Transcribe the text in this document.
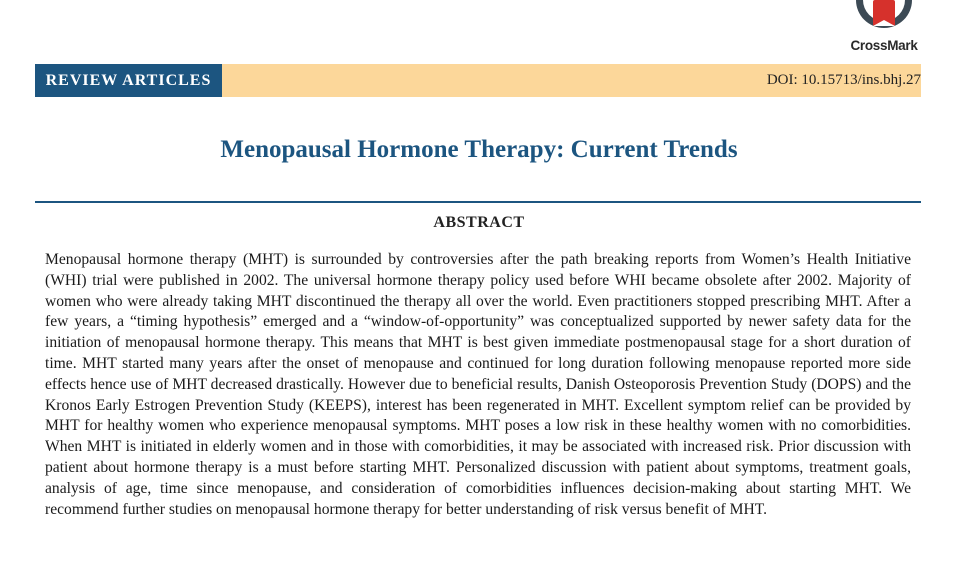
CrossMark
REVIEW ARTICLES	DOI: 10.15713/ins.bhj.27
Menopausal Hormone Therapy: Current Trends
ABSTRACT
Menopausal hormone therapy (MHT) is surrounded by controversies after the path breaking reports from Women’s Health Initiative (WHI) trial were published in 2002. The universal hormone therapy policy used before WHI became obsolete after 2002. Majority of women who were already taking MHT discontinued the therapy all over the world. Even practitioners stopped prescribing MHT. After a few years, a “timing hypothesis” emerged and a “window-of-opportunity” was conceptualized supported by newer safety data for the initiation of menopausal hormone therapy. This means that MHT is best given immediate postmenopausal stage for a short duration of time. MHT started many years after the onset of menopause and continued for long duration following menopause reported more side effects hence use of MHT decreased drastically. However due to beneficial results, Danish Osteoporosis Prevention Study (DOPS) and the Kronos Early Estrogen Prevention Study (KEEPS), interest has been regenerated in MHT. Excellent symptom relief can be provided by MHT for healthy women who experience menopausal symptoms. MHT poses a low risk in these healthy women with no comorbidities. When MHT is initiated in elderly women and in those with comorbidities, it may be associated with increased risk. Prior discussion with patient about hormone therapy is a must before starting MHT. Personalized discussion with patient about symptoms, treatment goals, analysis of age, time since menopause, and consideration of comorbidities influences decision-making about starting MHT. We recommend further studies on menopausal hormone therapy for better understanding of risk versus benefit of MHT.
